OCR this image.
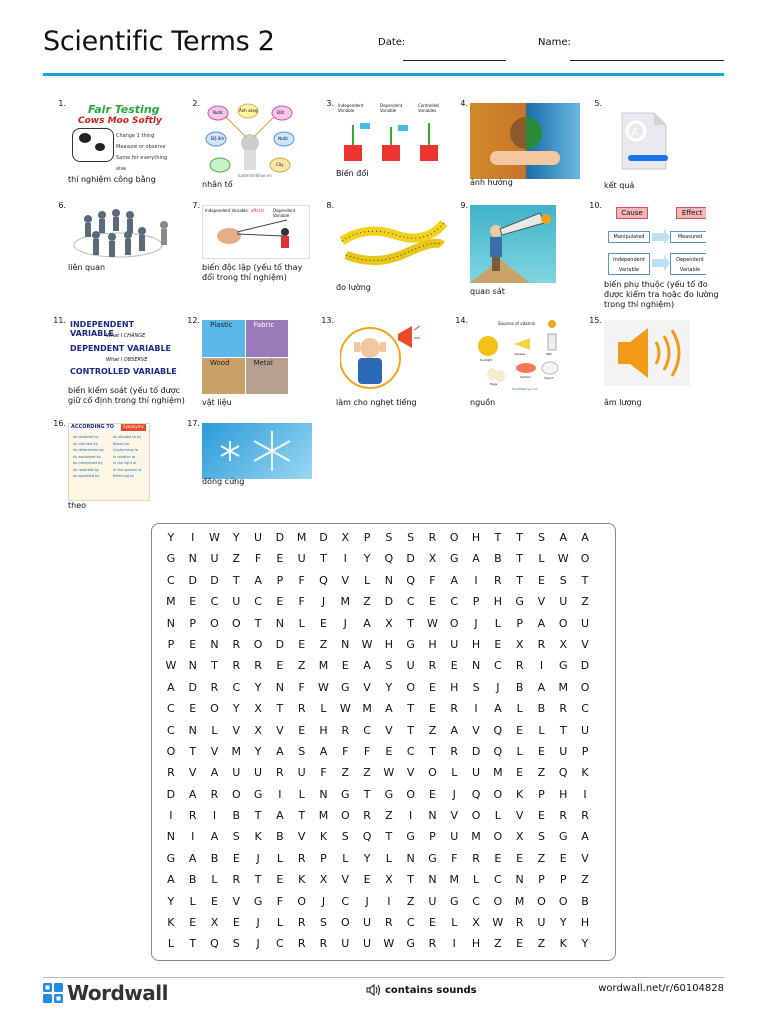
Scientific Terms 2	Date:	Name:
1. Fair Testing
Cows Moo Softly
Change 1 thing
Measure or observe
Same for everything else
thí nghiệm công bằng
2.
Ánh sáng	Đất
Độ ẩm
Nước
Nước
Cây
luatminhkhue.vn
nhân tố
3. Independent Variable
Dependent Variable
Controlled Variables
Biến đổi
4.
ảnh hưởng
5.
A
kết quả
6.
liên quan
7.
Independent Variable affects Dependent Variable
biến độc lập (yếu tố thay đổi trong thí nghiệm)
8.
đo lường
9.
quan sát
10.
Cause	Effect
Manipulated	Measured
Independent Variable
Dependent Variable
biến phụ thuộc (yếu tố đo được kiểm tra hoặc đo lường trong thí nghiệm)
11. INDEPENDENT VARIABLE
What I CHANGE
DEPENDENT VARIABLE
What I OBSERVE
CONTROLLED VARIABLE
biến kiểm soát (yếu tố được giữ cố định trong thí nghiệm)
12. Plastic	Fabric
Wood	Metal
vật liệu
13.
làm cho nghẹt tiếng
14.	Sources of vitamin
Cheese	Milk
Sunlight
Salmon	Yogurt
Eggs
HealthBeing.com
nguồn
15.
âm lượng
16. ACCORDING TO	Synonyms
As believed by
As claimed by
As determined by
As explained by
As mentioned by
As reported by
As specified by
As alluded to by
Based on
Conforming to
In relation to
In the light of
In the opinion of
Referring to
theo
17.
đông cứng
Y	I	W	Y	U	D	M	D	X	P	S	S	R	O	H	T	T	S	A	A
G	N	U	Z	F	E	U	T	I	Y	Q	D	X	G	A	B	T	L	W	O
C	D	D	T	A	P	F	Q	V	L	N	Q	F	A	I	R	T	E	S	T
M	E	C	U	C	E	F	J	M	Z	D	C	E	C	P	H	G	V	U	Z
N	P	O	O	T	N	L	E	J	A	X	T	W	O	J	L	P	A	O	U
P	E	N	R	O	D	E	Z	N	W	H	G	H	U	H	E	X	R	X	V
W	N	T	R	R	E	Z	M	E	A	S	U	R	E	N	C	R	I	G	D
A	D	R	C	Y	N	F	W	G	V	Y	O	E	H	S	J	B	A	M	O
C	E	O	Y	X	T	R	L	W	M	A	T	E	R	I	A	L	B	R	C
C	N	L	V	X	V	E	H	R	C	V	T	Z	A	V	Q	E	L	T	U
O	T	V	M	Y	A	S	A	F	F	E	C	T	R	D	Q	L	E	U	P
R	V	A	U	U	R	U	F	Z	Z	W	V	O	L	U	M	E	Z	Q	K
D	A	R	O	G	I	L	N	G	T	G	O	E	J	Q	O	K	P	H	I
I	R	I	B	T	A	T	M	O	R	Z	I	N	V	O	L	V	E	R	R
N	I	A	S	K	B	V	K	S	Q	T	G	P	U	M	O	X	S	G	A
G	A	B	E	J	L	R	P	L	Y	L	N	G	F	R	E	E	Z	E	V
A	B	L	R	T	E	K	X	V	E	X	T	N	M	L	C	N	P	P	Z
Y	L	E	V	G	F	O	J	C	J	I	Z	U	G	C	O	M	O	O	B
K	E	X	E	J	L	R	S	O	U	R	C	E	L	X	W	R	U	Y	H
L	T	Q	S	J	C	R	R	U	U	W	G	R	I	H	Z	E	Z	K	Y
Wordwall	contains sounds	wordwall.net/r/60104828
